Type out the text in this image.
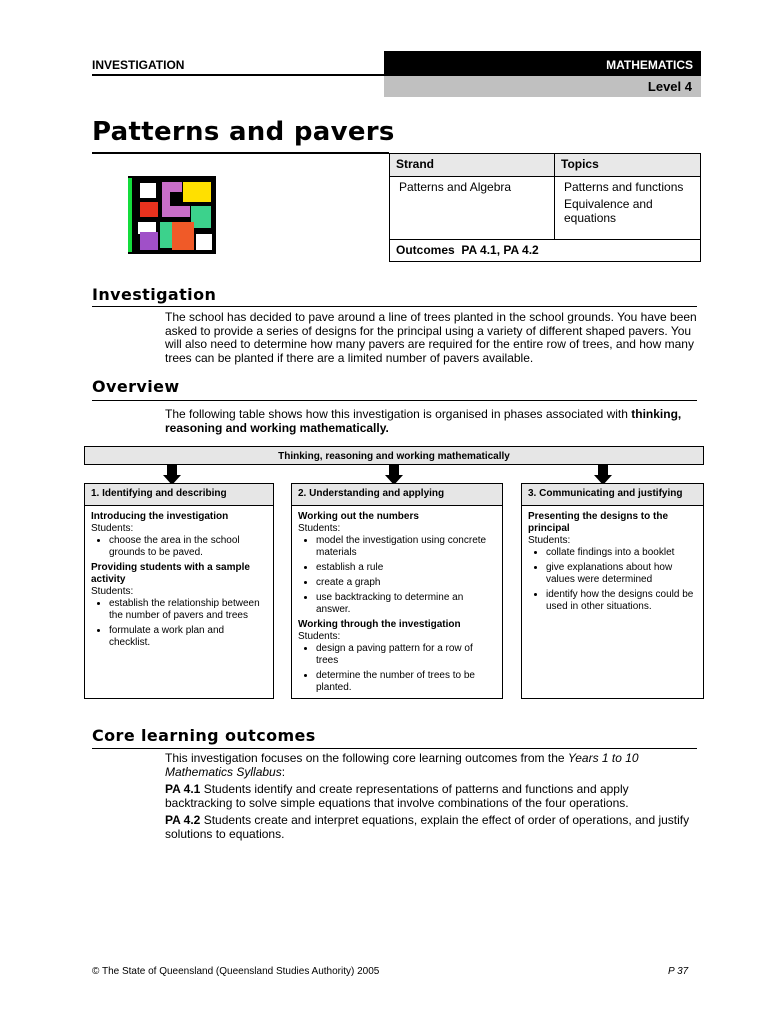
INVESTIGATION	MATHEMATICS
Level 4
Patterns and pavers
Strand	Topics

Patterns and Algebra	Patterns and functions

Equivalence and equations

Outcomes PA 4.1, PA 4.2	
Investigation
The school has decided to pave around a line of trees planted in the school grounds. You have been asked to provide a series of designs for the principal using a variety of different shaped pavers. You will also need to determine how many pavers are required for the entire row of trees, and how many trees can be planted if there are a limited number of pavers available.
Overview
The following table shows how this investigation is organised in phases associated with thinking, reasoning and working mathematically.
Thinking, reasoning and working mathematically
1. Identifying and describing
Introducing the investigation
Students:
• choose the area in the school grounds to be paved.
Providing students with a sample activity
Students:
• establish the relationship between the number of pavers and trees
• formulate a work plan and checklist.
2. Understanding and applying
Working out the numbers
Students:
• model the investigation using concrete materials
• establish a rule
• create a graph
• use backtracking to determine an answer.
Working through the investigation
Students:
• design a paving pattern for a row of trees
• determine the number of trees to be planted.
3. Communicating and justifying
Presenting the designs to the principal
Students:
• collate findings into a booklet
• give explanations about how values were determined
• identify how the designs could be used in other situations.
Core learning outcomes

This investigation focuses on the following core learning outcomes from the Years 1 to 10 Mathematics Syllabus:

PA 4.1 Students identify and create representations of patterns and functions and apply backtracking to solve simple equations that involve combinations of the four operations.

PA 4.2 Students create and interpret equations, explain the effect of order of operations, and justify solutions to equations.

© The State of Queensland (Queensland Studies Authority) 2005	P 37
